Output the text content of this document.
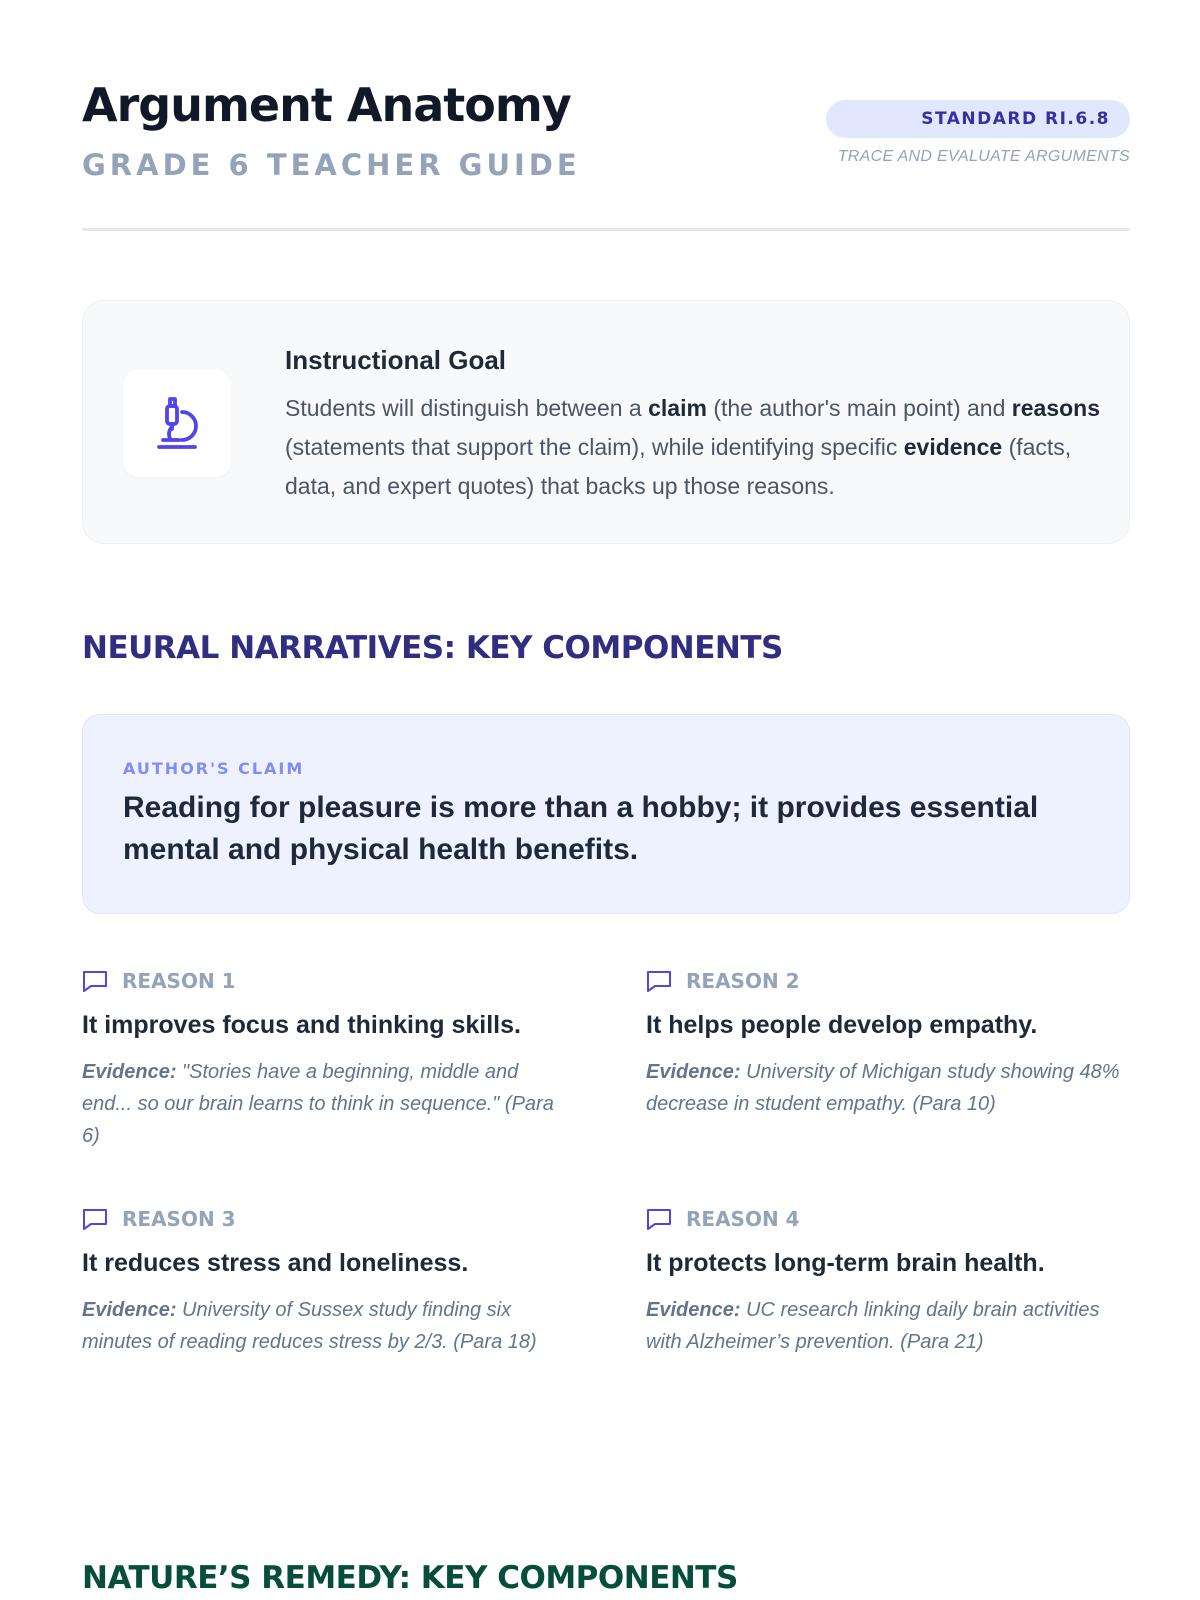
Argument Anatomy
GRADE 6 TEACHER GUIDE
STANDARD RI.6.8
TRACE AND EVALUATE ARGUMENTS
Instructional Goal

Students will distinguish between a claim (the author's main point) and reasons (statements that support the claim), while identifying specific evidence (facts, data, and expert quotes) that backs up those reasons.

NEURAL NARRATIVES: KEY COMPONENTS
AUTHOR'S CLAIM

Reading for pleasure is more than a hobby; it provides essential mental and physical health benefits.

REASON 1

It improves focus and thinking skills.

Evidence: "Stories have a beginning, middle and end... so our brain learns to think in sequence." (Para 6)

REASON 2

It helps people develop empathy.

Evidence: University of Michigan study showing 48% decrease in student empathy. (Para 10)

REASON 3

It reduces stress and loneliness.

Evidence: University of Sussex study finding six minutes of reading reduces stress by 2/3. (Para 18)

REASON 4

It protects long-term brain health.

Evidence: UC research linking daily brain activities with Alzheimer’s prevention. (Para 21)

NATURE’S REMEDY: KEY COMPONENTS
